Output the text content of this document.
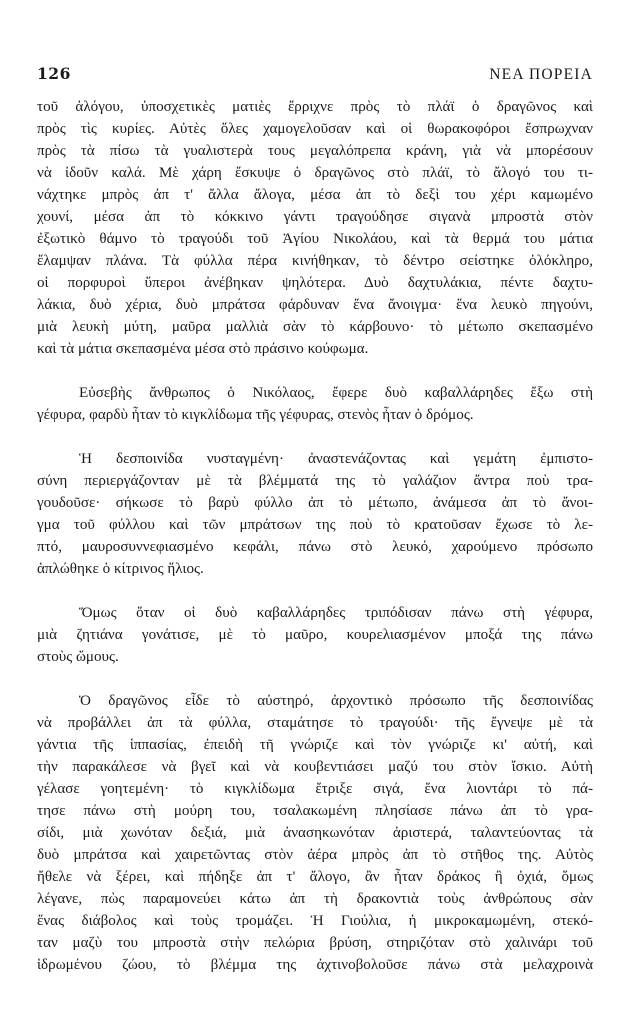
126	ΝΕΑ ΠΟΡΕΙΑ

τοῦ ἀλόγου, ὑποσχετικὲς ματιὲς ἔρριχνε πρὸς τὸ πλάϊ ὁ δραγῶνος καὶ
πρὸς τὶς κυρίες. Αὐτὲς ὅλες χαμογελοῦσαν καὶ οἱ θωρακοφόροι ἔσπρωχναν
πρὸς τὰ πίσω τὰ γυαλιστερὰ τους μεγαλόπρεπα κράνη, γιὰ νὰ μπορέσουν
νὰ ἰδοῦν καλά. Μὲ χάρη ἔσκυψε ὁ δραγῶνος στὸ πλάϊ, τὸ ἄλογό του τι-
νάχτηκε μπρὸς ἀπ τ' ἄλλα ἄλογα, μέσα ἀπ τὸ δεξὶ του χέρι καμωμένο
χουνί, μέσα ἀπ τὸ κόκκινο γάντι τραγούδησε σιγανὰ μπροστὰ στὸν
ἐξωτικὸ θάμνο τὸ τραγούδι τοῦ Ἁγίου Νικολάου, καὶ τὰ θερμά του μάτια
ἔλαμψαν πλάνα. Τὰ φύλλα πέρα κινήθηκαν, τὸ δέντρο σείστηκε ὁλόκληρο,
οἱ πορφυροὶ ὕπεροι ἀνέβηκαν ψηλότερα. Δυὸ δαχτυλάκια, πέντε δαχτυ-
λάκια, δυὸ χέρια, δυὸ μπράτσα φάρδυναν ἕνα ἄνοιγμα· ἕνα λευκὸ πηγούνι,
μιὰ λευκὴ μύτη, μαῦρα μαλλιὰ σὰν τὸ κάρβουνο· τὸ μέτωπο σκεπασμένο
καὶ τὰ μάτια σκεπασμένα μέσα στὸ πράσινο κούφωμα.

Εὐσεβὴς ἄνθρωπος ὁ Νικόλαος, ἔφερε δυὸ καβαλλάρηδες ἔξω στὴ
γέφυρα, φαρδὺ ἦταν τὸ κιγκλίδωμα τῆς γέφυρας, στενὸς ἦταν ὁ δρόμος.

Ἡ δεσποινίδα νυσταγμένη· ἀναστενάζοντας καὶ γεμάτη ἐμπιστο-
σύνη περιεργάζονταν μὲ τὰ βλέμματά της τὸ γαλάζιον ἄντρα ποὺ τρα-
γουδοῦσε· σήκωσε τὸ βαρὺ φύλλο ἀπ τὸ μέτωπο, ἀνάμεσα ἀπ τὸ ἄνοι-
γμα τοῦ φύλλου καὶ τῶν μπράτσων της ποὺ τὸ κρατοῦσαν ἔχωσε τὸ λε-
πτό, μαυροσυννεφιασμένο κεφάλι, πάνω στὸ λευκό, χαρούμενο πρόσωπο
ἁπλώθηκε ὁ κίτρινος ἥλιος.

Ὅμως ὅταν οἱ δυὸ καβαλλάρηδες τριπόδισαν πάνω στὴ γέφυρα,
μιὰ ζητιάνα γονάτισε, μὲ τὸ μαῦρο, κουρελιασμένον μποξά της πάνω
στοὺς ὤμους.

Ὁ δραγῶνος εἶδε τὸ αὐστηρό, ἀρχοντικὸ πρόσωπο τῆς δεσποινίδας
νὰ προβάλλει ἀπ τὰ φύλλα, σταμάτησε τὸ τραγούδι· τῆς ἔγνεψε μὲ τὰ
γάντια τῆς ἱππασίας, ἐπειδὴ τῆ γνώριζε καὶ τὸν γνώριζε κι' αὐτή, καὶ
τὴν παρακάλεσε νὰ βγεῖ καὶ νὰ κουβεντιάσει μαζύ του στὸν ἴσκιο. Αὐτὴ
γέλασε γοητεμένη· τὸ κιγκλίδωμα ἔτριξε σιγά, ἕνα λιοντάρι τὸ πά-
τησε πάνω στὴ μούρη του, τσαλακωμένη πλησίασε πάνω ἀπ τὸ γρα-
σίδι, μιὰ χωνόταν δεξιά, μιὰ ἀνασηκωνόταν ἀριστερά, ταλαντεύοντας τὰ
δυὸ μπράτσα καὶ χαιρετῶντας στὸν ἀέρα μπρὸς ἀπ τὸ στῆθος της. Αὐτὸς
ἤθελε νὰ ξέρει, καὶ πήδηξε ἀπ τ' ἄλογο, ἂν ἦταν δράκος ἢ ὀχιά, ὅμως
λέγανε, πὼς παραμονεύει κάτω ἀπ τὴ δρακοντιὰ τοὺς ἀνθρώπους σὰν
ἕνας διάβολος καὶ τοὺς τρομάζει. Ἡ Γιούλια, ἡ μικροκαμωμένη, στεκό-
ταν μαζὺ του μπροστὰ στὴν πελώρια βρύση, στηριζόταν στὸ χαλινάρι τοῦ
ἱδρωμένου ζώου, τὸ βλέμμα της ἀχτινοβολοῦσε πάνω στὰ μελαχροινὰ
